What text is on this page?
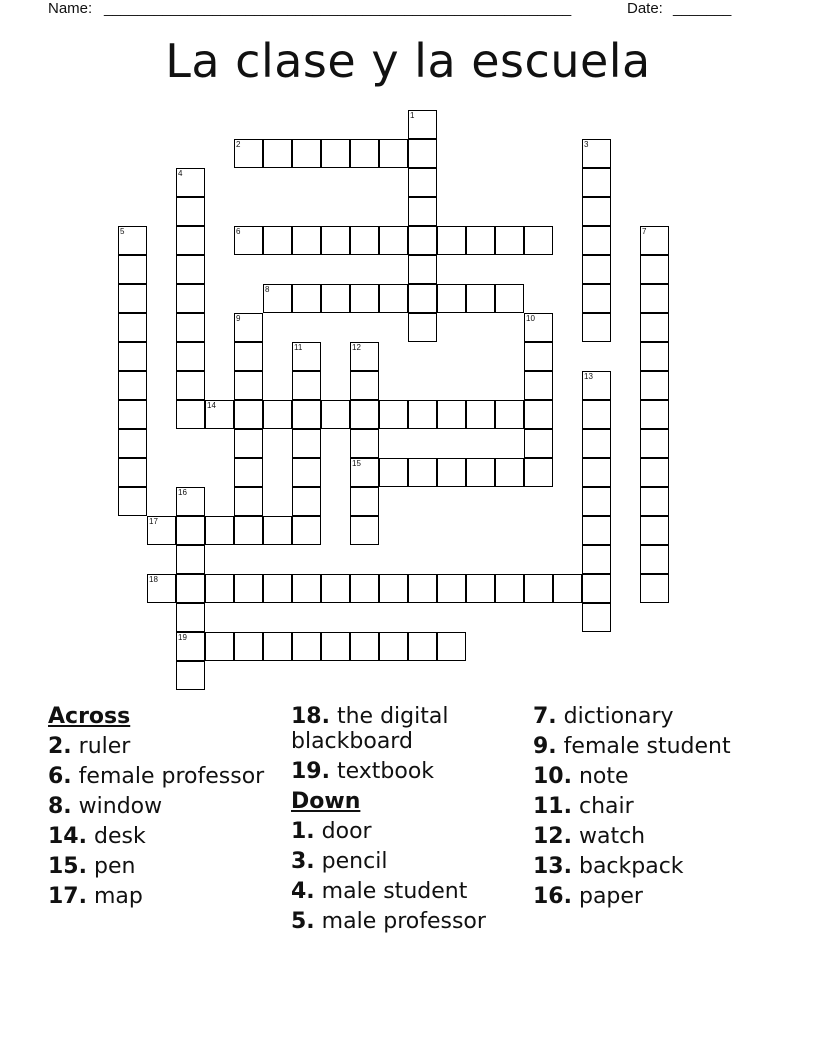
Name: ________________________________________________________	Date: _______
La clase y la escuela
1
2	3
4
5	6	7
8
9	10
11	12
15
13
14
16
19
17
18
Across
2. ruler
6. female professor
8. window
14. desk
15. pen
17. map
18. the digital blackboard
19. textbook
Down
1. door
3. pencil
4. male student
5. male professor
7. dictionary
9. female student
10. note
11. chair
12. watch
13. backpack
16. paper
